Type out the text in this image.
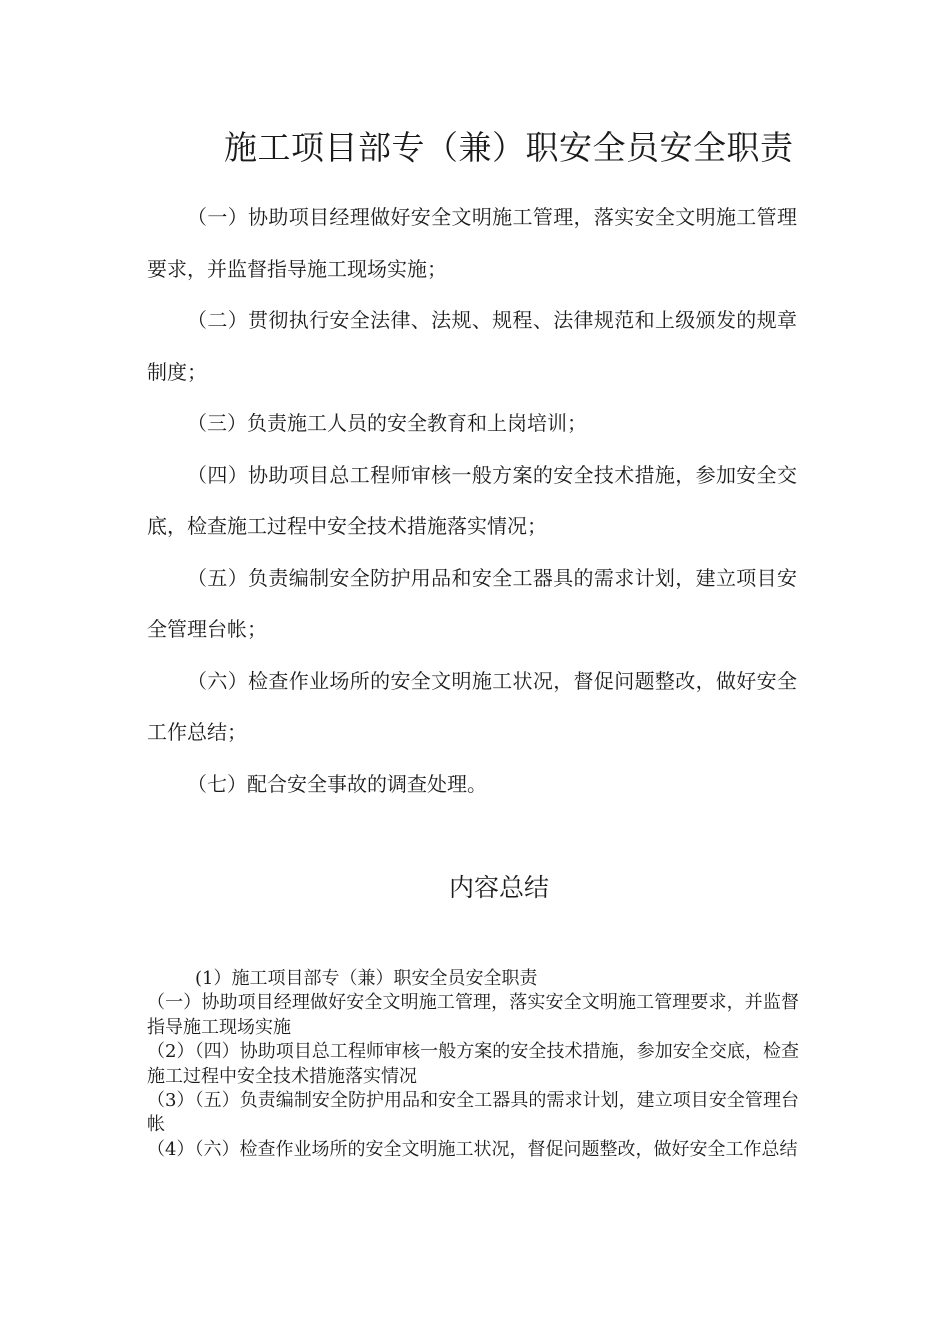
施工项目部专（兼）职安全员安全职责

（一）协助项目经理做好安全文明施工管理，落实安全文明施工管理要求，并监督指导施工现场实施；

（二）贯彻执行安全法律、法规、规程、法律规范和上级颁发的规章制度；

（三）负责施工人员的安全教育和上岗培训；

（四）协助项目总工程师审核一般方案的安全技术措施，参加安全交底，检查施工过程中安全技术措施落实情况；

（五）负责编制安全防护用品和安全工器具的需求计划，建立项目安全管理台帐；

（六）检查作业场所的安全文明施工状况，督促问题整改，做好安全工作总结；

（七）配合安全事故的调查处理。

内容总结

(1）施工项目部专（兼）职安全员安全职责

（一）协助项目经理做好安全文明施工管理，落实安全文明施工管理要求，并监督指导施工现场实施

（2）（四）协助项目总工程师审核一般方案的安全技术措施，参加安全交底，检查施工过程中安全技术措施落实情况

（3）（五）负责编制安全防护用品和安全工器具的需求计划，建立项目安全管理台帐

（4）（六）检查作业场所的安全文明施工状况，督促问题整改，做好安全工作总结
